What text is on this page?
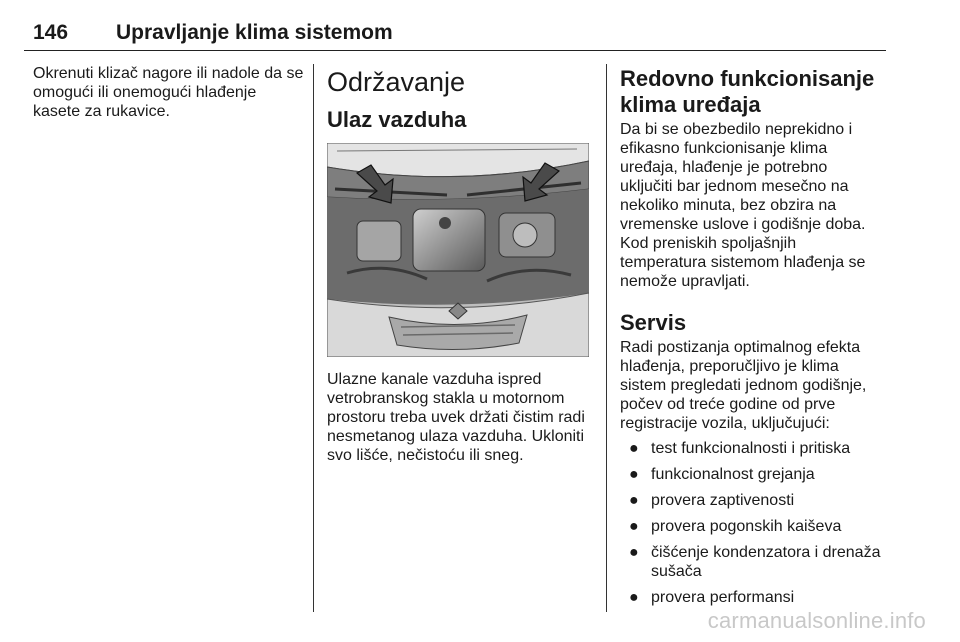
146 Upravljanje klima sistemom

Okrenuti klizač nagore ili nadole da se
omogući ili onemogući hlađenje
kasete za rukavice.

Održavanje
Ulaz vazduha

Ulazne kanale vazduha ispred
vetrobranskog stakla u motornom
prostoru treba uvek držati čistim radi
nesmetanog ulaza vazduha. Ukloniti
svo lišće, nečistoću ili sneg.

Redovno funkcionisanje
klima uređaja

Da bi se obezbedilo neprekidno i
efikasno funkcionisanje klima
uređaja, hlađenje je potrebno
uključiti bar jednom mesečno na
nekoliko minuta, bez obzira na
vremenske uslove i godišnje doba.
Kod preniskih spoljašnjih
temperatura sistemom hlađenja se
nemože upravljati.

Servis

Radi postizanja optimalnog efekta
hlađenja, preporučljivo je klima
sistem pregledati jednom godišnje,
počev od treće godine od prve
registracije vozila, uključujući:

● test funkcionalnosti i pritiska
● funkcionalnost grejanja
● provera zaptivenosti
● provera pogonskih kaiševa
● čišćenje kondenzatora i drenaža
sušača
● provera performansi
carmanualsonline.info
